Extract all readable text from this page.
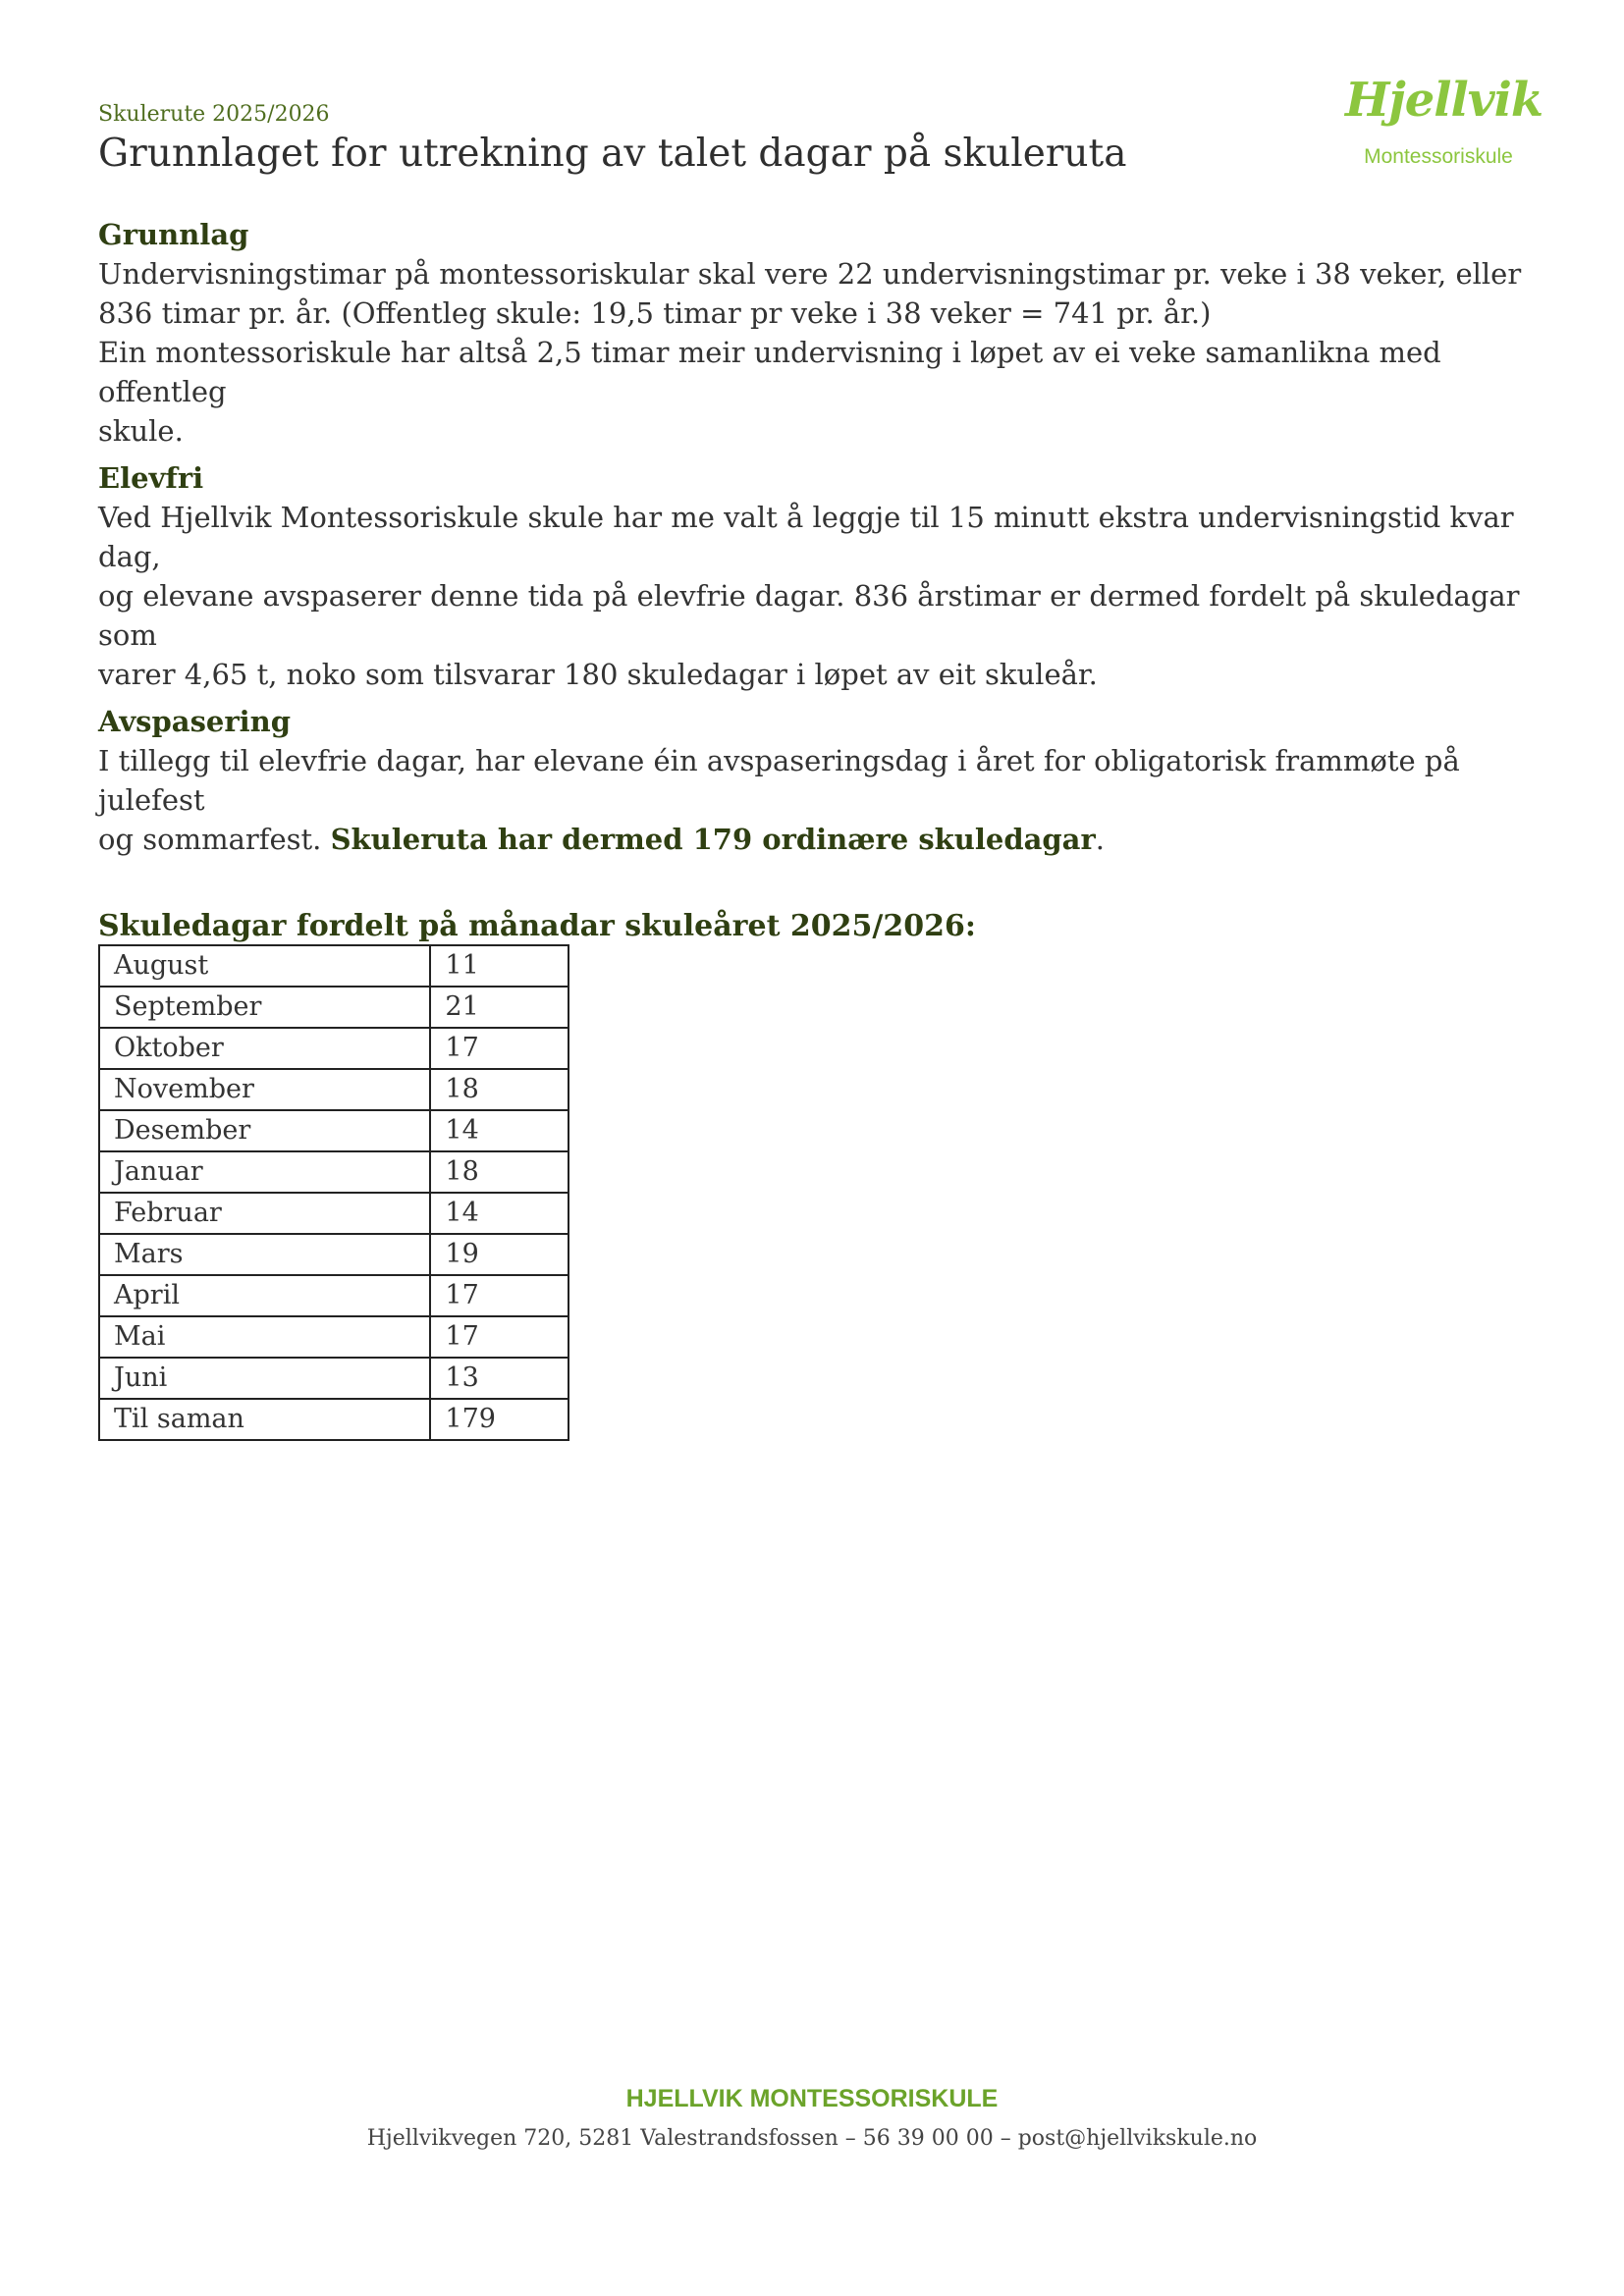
Skulerute 2025/2026
Grunnlaget for utrekning av talet dagar på skuleruta
Hjellvik
Montessoriskule

Grunnlag

Undervisningstimar på montessoriskular skal vere 22 undervisningstimar pr. veke i 38 veker, eller

836 timar pr. år. (Offentleg skule: 19,5 timar pr veke i 38 veker = 741 pr. år.)

Ein montessoriskule har altså 2,5 timar meir undervisning i løpet av ei veke samanlikna med offentleg

skule.

Elevfri

Ved Hjellvik Montessoriskule skule har me valt å leggje til 15 minutt ekstra undervisningstid kvar dag,

og elevane avspaserer denne tida på elevfrie dagar. 836 årstimar er dermed fordelt på skuledagar som

varer 4,65 t, noko som tilsvarar 180 skuledagar i løpet av eit skuleår.

Avspasering

I tillegg til elevfrie dagar, har elevane éin avspaseringsdag i året for obligatorisk frammøte på julefest

og sommarfest. Skuleruta har dermed 179 ordinære skuledagar.

Skuledagar fordelt på månadar skuleåret 2025/2026:
August	11
September	21
Oktober	17
November	18
Desember	14
Januar	18
Februar	14
Mars	19
April	17
Mai	17
Juni	13
Til saman	179
HJELLVIK MONTESSORISKULE
Hjellvikvegen 720, 5281 Valestrandsfossen – 56 39 00 00 – post@hjellvikskule.no
